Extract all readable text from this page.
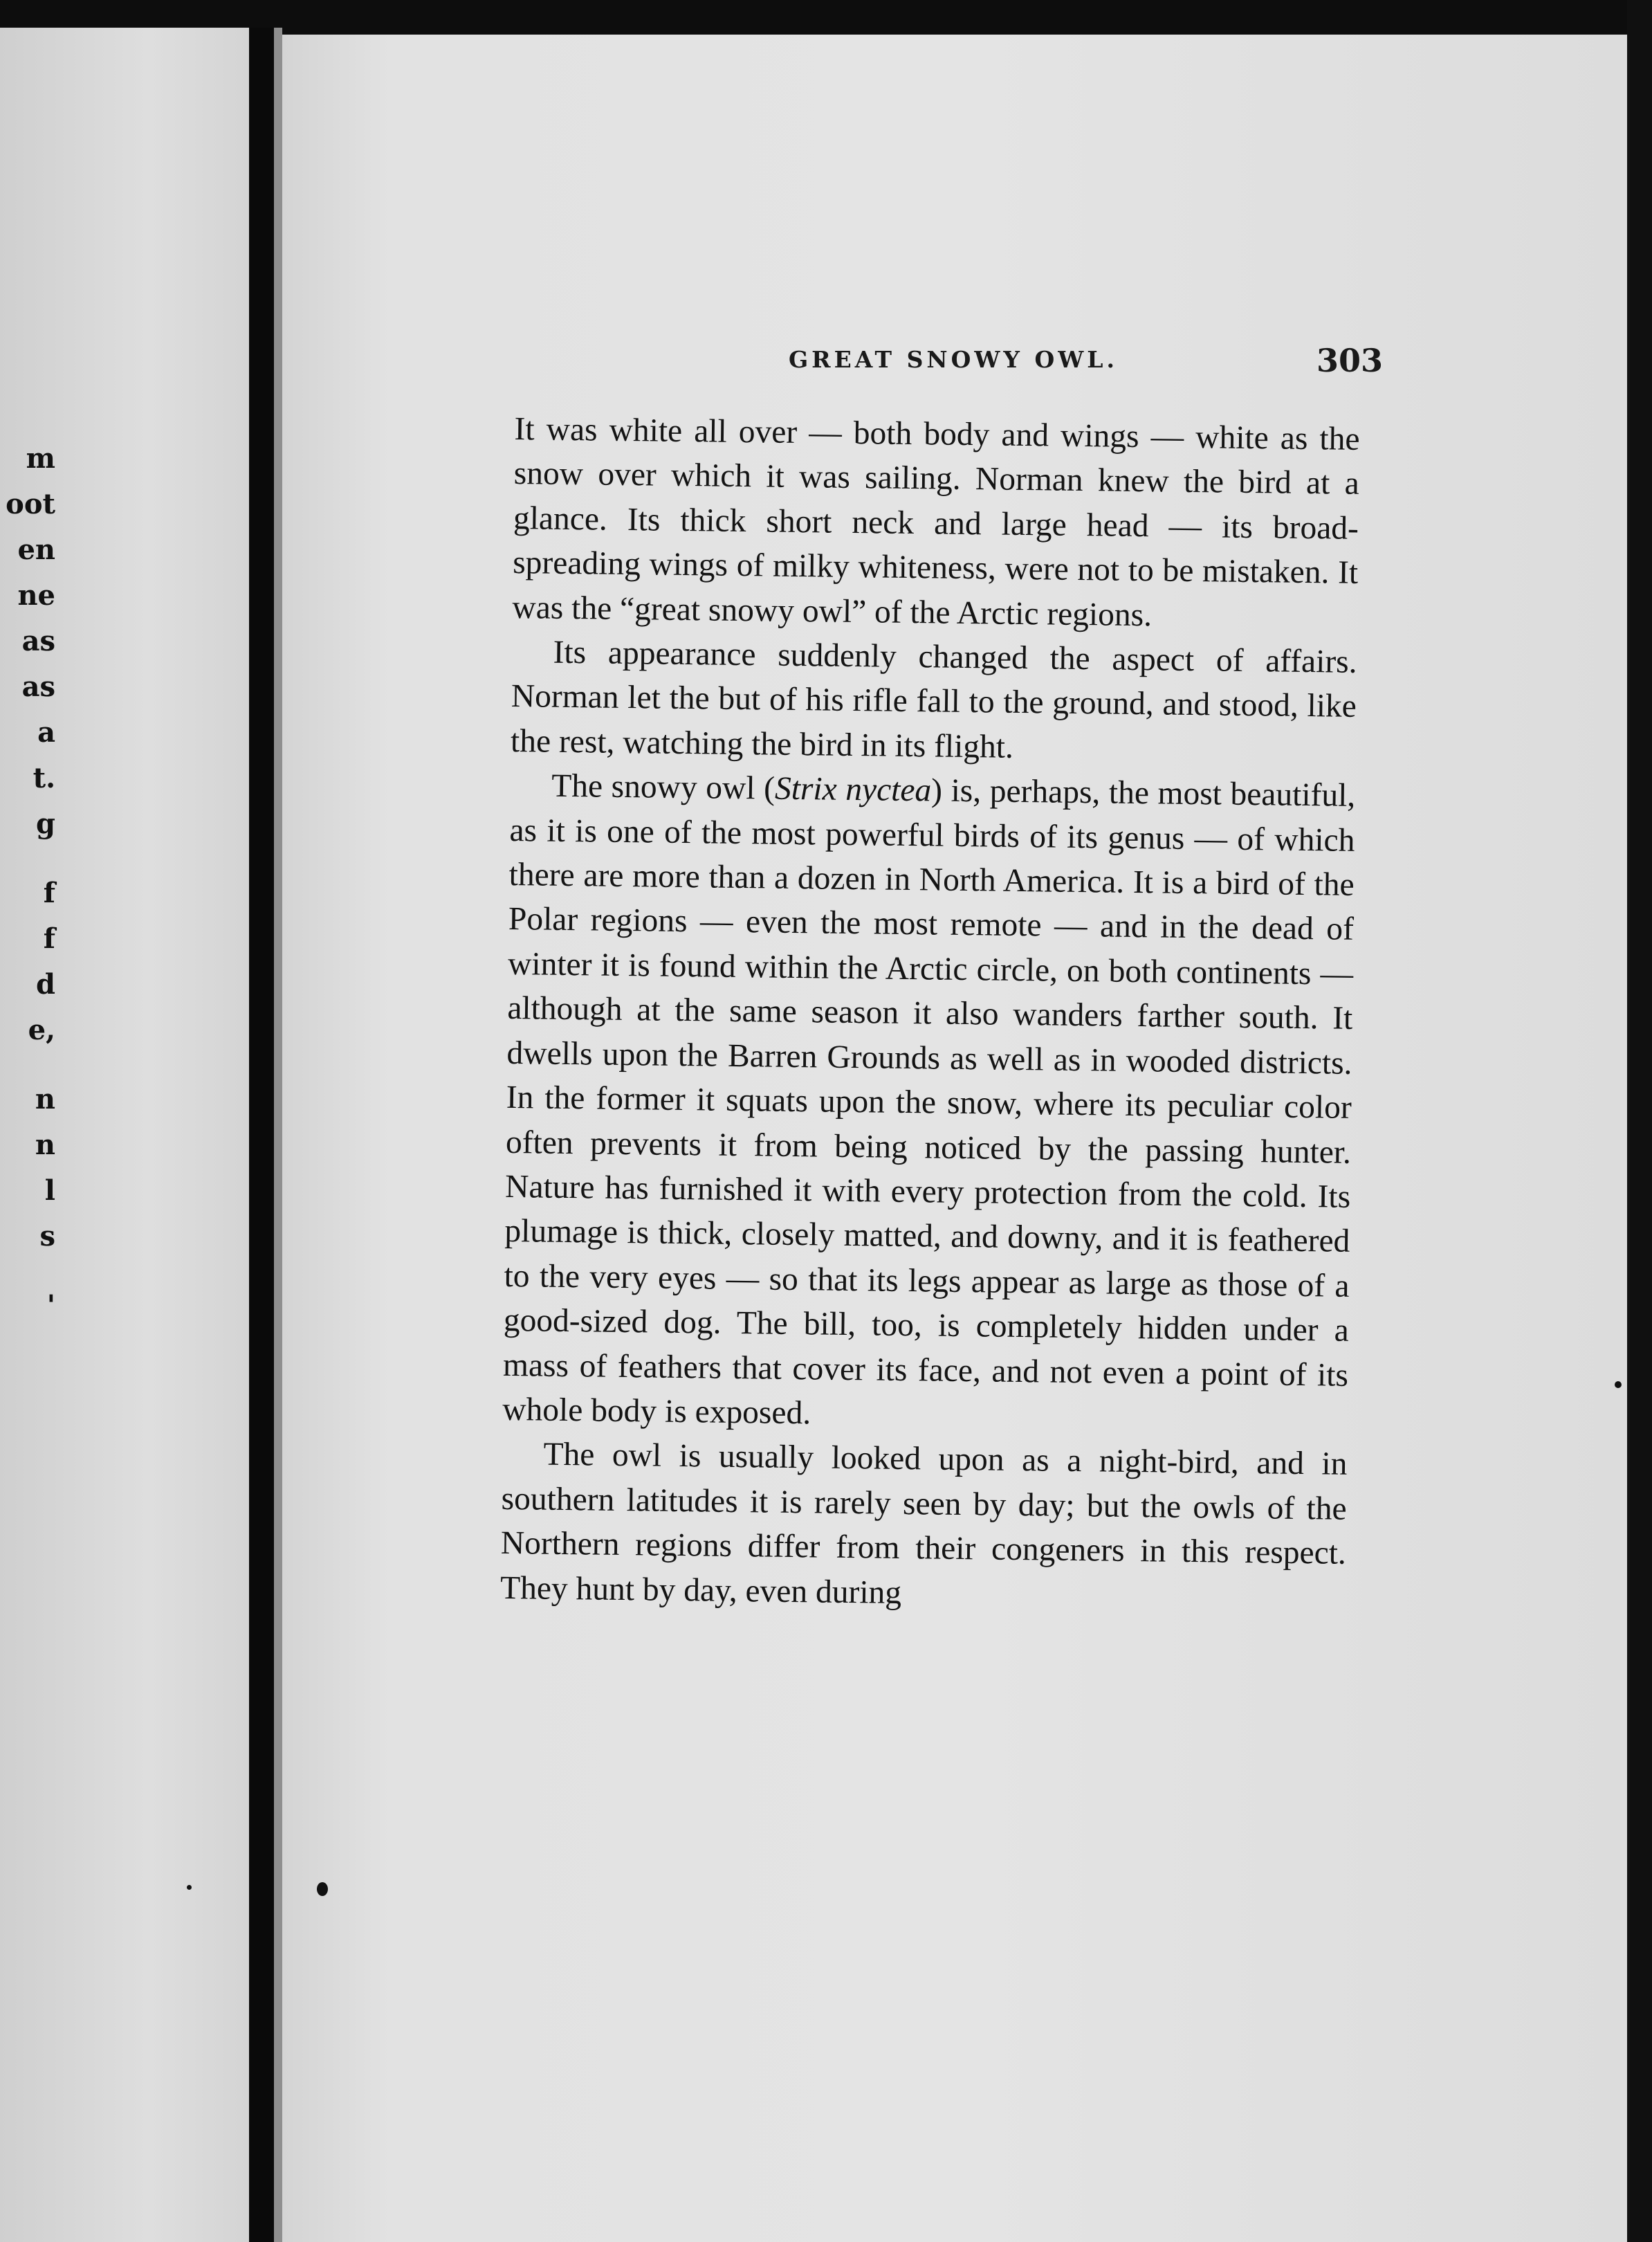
m
oot
en
ne
as
as
a
t.
g
f
f
d
e,
n
n
l
s
'
GREAT SNOWY OWL.	303

It was white all over — both body and wings — white as the snow over which it was sailing. Norman knew the bird at a glance. Its thick short neck and large head — its broad-spreading wings of milky whiteness, were not to be mistaken. It was the “great snowy owl” of the Arctic regions.

Its appearance suddenly changed the aspect of affairs. Norman let the but of his rifle fall to the ground, and stood, like the rest, watching the bird in its flight.

The snowy owl (Strix nyctea) is, perhaps, the most beautiful, as it is one of the most powerful birds of its genus — of which there are more than a dozen in North America. It is a bird of the Polar regions — even the most remote — and in the dead of winter it is found within the Arctic circle, on both continents — although at the same season it also wanders farther south. It dwells upon the Barren Grounds as well as in wooded districts. In the former it squats upon the snow, where its peculiar color often prevents it from being noticed by the passing hunter. Nature has furnished it with every protection from the cold. Its plumage is thick, closely matted, and downy, and it is feathered to the very eyes — so that its legs appear as large as those of a good-sized dog. The bill, too, is completely hidden under a mass of feathers that cover its face, and not even a point of its whole body is exposed.

The owl is usually looked upon as a night-bird, and in southern latitudes it is rarely seen by day; but the owls of the Northern regions differ from their congeners in this respect. They hunt by day, even during
